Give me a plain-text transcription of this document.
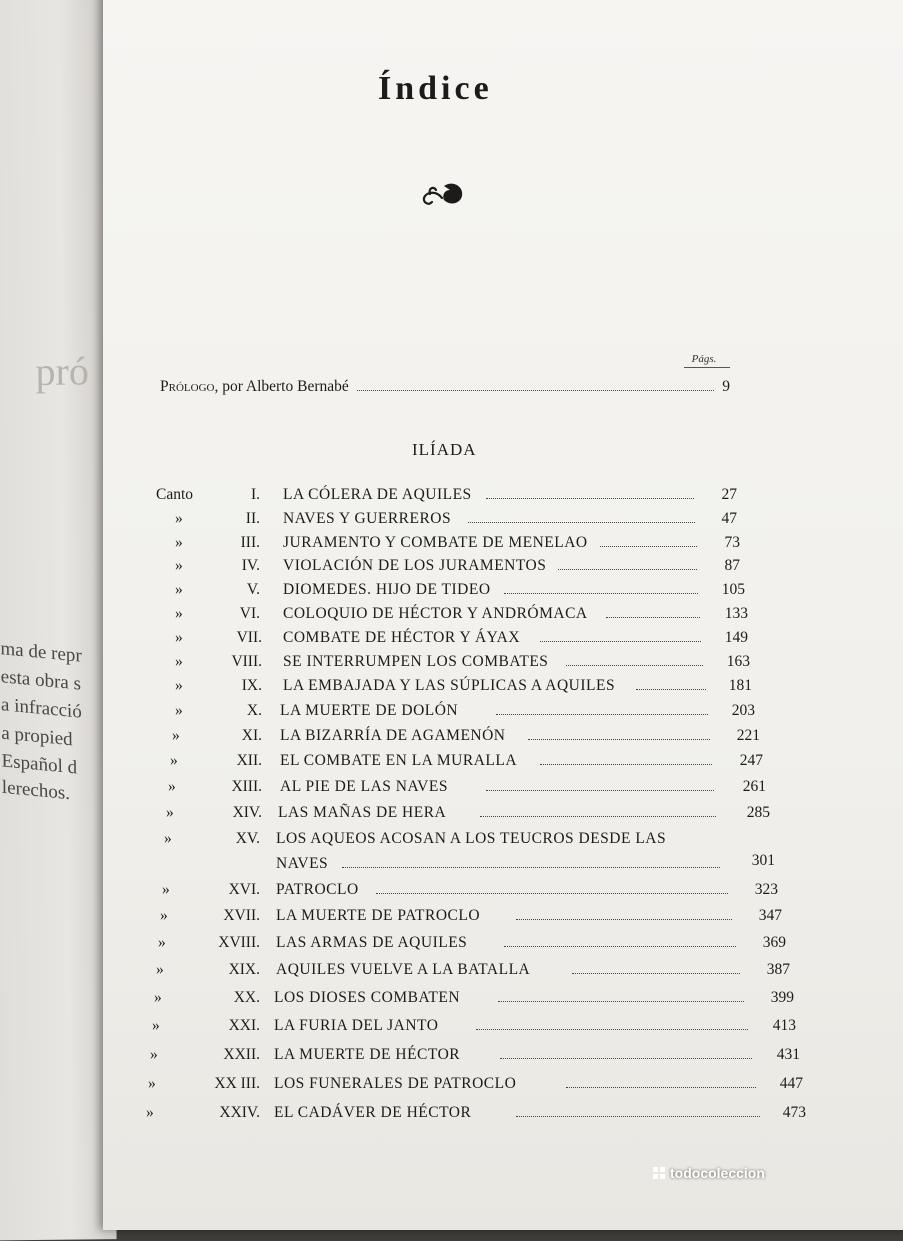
pró
ma de repr
esta obra s
a infracció
a propied
Español d
lerechos.
Índice
Págs.
Prólogo , por Alberto Bernabé	9
ILÍADA
Canto	I. LA CÓLERA DE AQUILES	27
»	II. NAVES Y GUERREROS	47
»	III. JURAMENTO Y COMBATE DE MENELAO	73
»	IV. VIOLACIÓN DE LOS JURAMENTOS	87
»	V. DIOMEDES. HIJO DE TIDEO	105
»	VI. COLOQUIO DE HÉCTOR Y ANDRÓMACA	133
»	VII. COMBATE DE HÉCTOR Y ÁYAX	149
»	VIII. SE INTERRUMPEN LOS COMBATES	163
»	IX. LA EMBAJADA Y LAS SÚPLICAS A AQUILES	181
»	X. LA MUERTE DE DOLÓN	203
»	XI. LA BIZARRÍA DE AGAMENÓN	221
»	XII. EL COMBATE EN LA MURALLA	247
»	XIII. AL PIE DE LAS NAVES	261
»	XIV. LAS MAÑAS DE HERA	285
»	XV. LOS AQUEOS ACOSAN A LOS TEUCROS DESDE LAS
NAVES	301
»	XVI. PATROCLO	323
»	XVII. LA MUERTE DE PATROCLO	347
»	XVIII. LAS ARMAS DE AQUILES	369
»	XIX. AQUILES VUELVE A LA BATALLA	387
»	XX. LOS DIOSES COMBATEN	399
»	XXI. LA FURIA DEL JANTO	413
»	XXII. LA MUERTE DE HÉCTOR	431
»	XX III. LOS FUNERALES DE PATROCLO	447
»	XXIV. EL CADÁVER DE HÉCTOR	473
todocoleccion
